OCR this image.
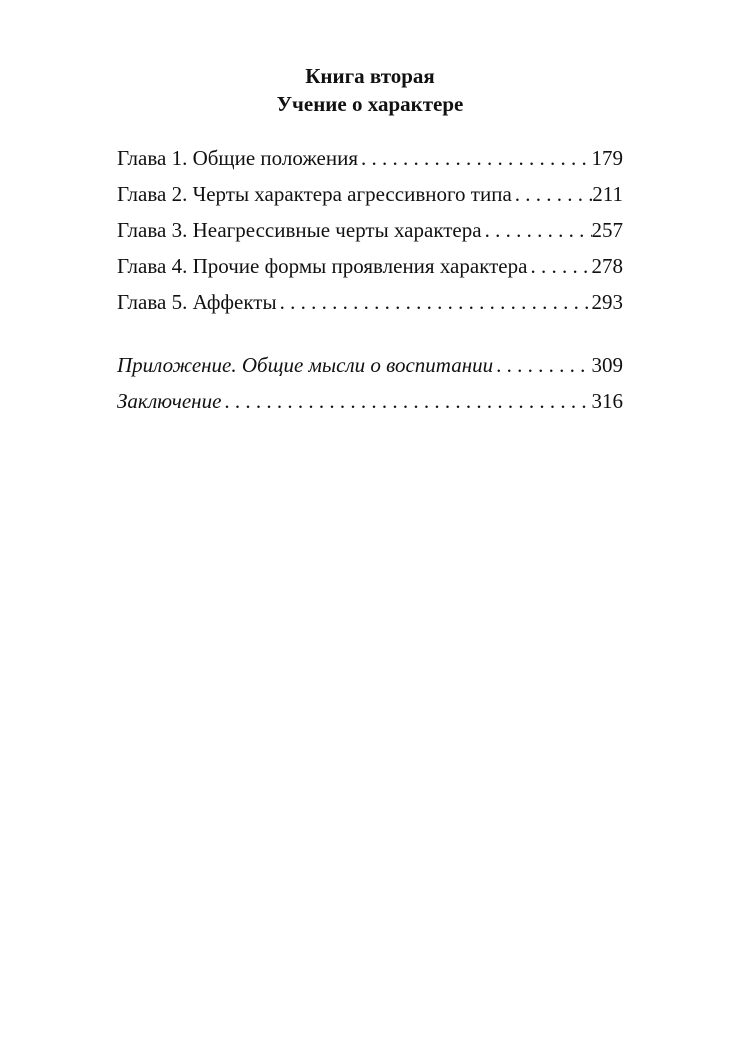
Книга вторая
Учение о характере
Глава 1. Общие положения . . .	179
Глава 2. Черты характера агрессивного типа . . .	211
Глава 3. Неагрессивные черты характера . . .	257
Глава 4. Прочие формы проявления характера . . .	278
Глава 5. Аффекты . . .	293
Приложение. Общие мысли о воспитании . . .	309
Заключение . . .	316
